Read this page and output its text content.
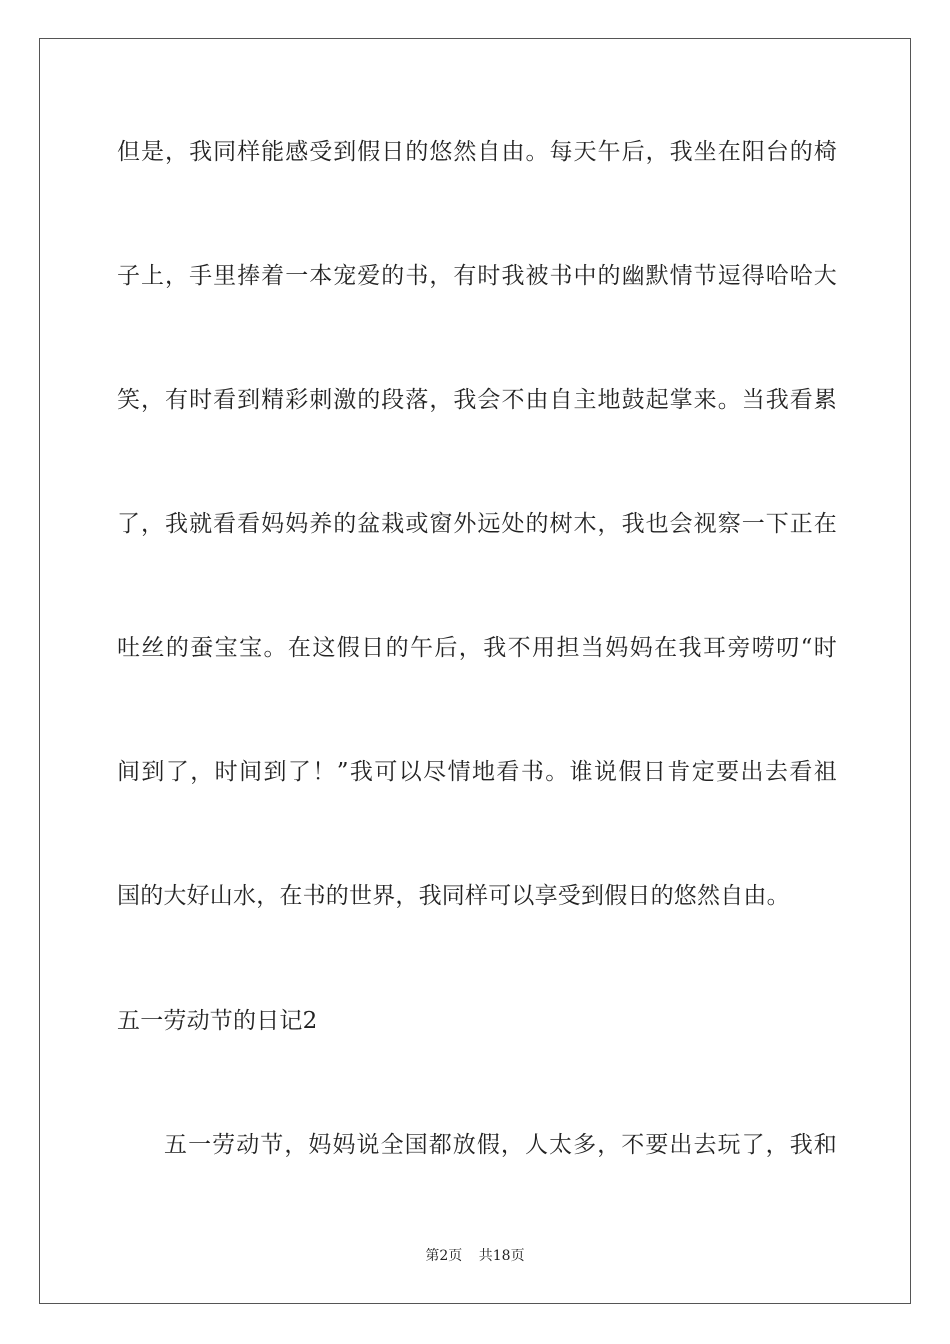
但是，我同样能感受到假日的悠然自由。每天午后，我坐在阳台的椅
子上，手里捧着一本宠爱的书，有时我被书中的幽默情节逗得哈哈大
笑，有时看到精彩刺激的段落，我会不由自主地鼓起掌来。当我看累
了，我就看看妈妈养的盆栽或窗外远处的树木，我也会视察一下正在
吐丝的蚕宝宝。在这假日的午后，我不用担当妈妈在我耳旁唠叨“时
间到了，时间到了！”我可以尽情地看书。谁说假日肯定要出去看祖
国的大好山水，在书的世界，我同样可以享受到假日的悠然自由。
五一劳动节的日记2
五一劳动节，妈妈说全国都放假，人太多，不要出去玩了，我和
第2页 共18页
